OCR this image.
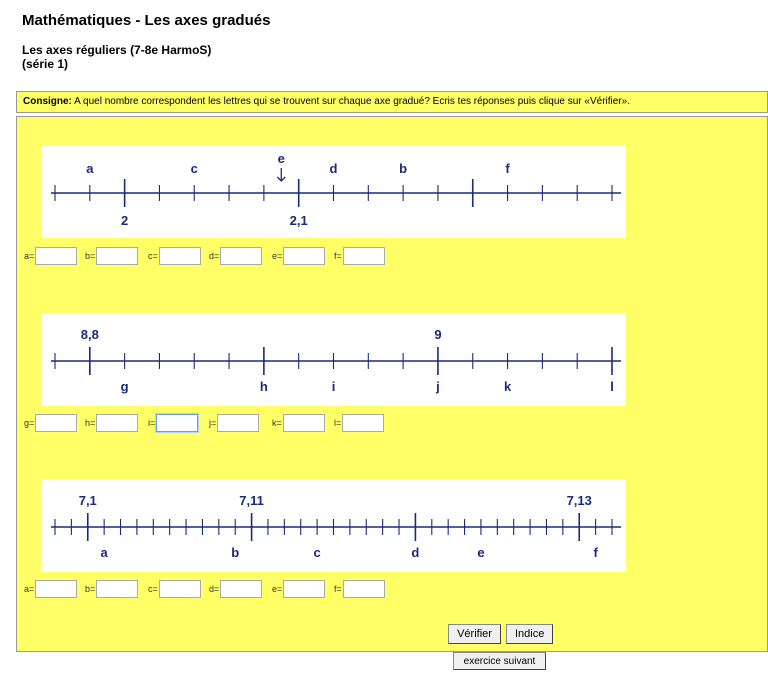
Mathématiques - Les axes gradués
Les axes réguliers (7-8e HarmoS)
(série 1)
Consigne: A quel nombre correspondent les lettres qui se trouvent sur chaque axe gradué? Ecris tes réponses puis clique sur «Vérifier».
2	2,1
a	c	d	b	f
e
8,8	9
g	h	i	j	k	l
7,1	7,11	7,13
a	b	c	d	e	f
a=	b=	c=	d=	e=	f=
g=	h=	i=	j=	k=	l=
a=	b=	c=	d=	e=	f=
Vérifier	Indice
exercice suivant
